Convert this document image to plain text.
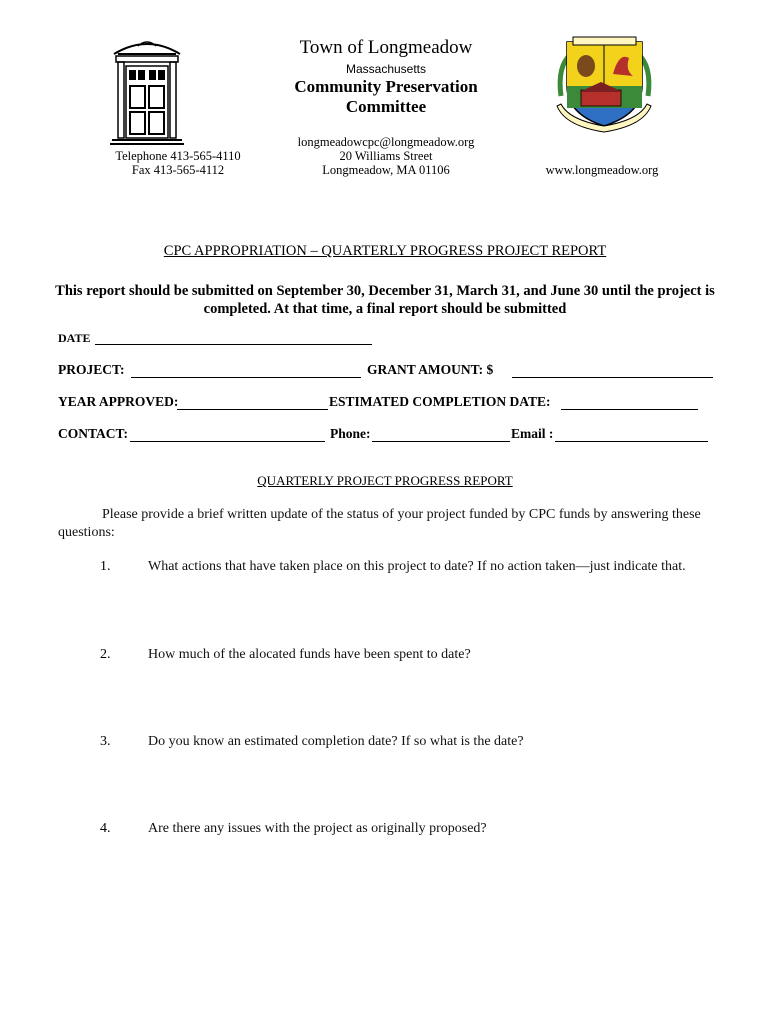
Town of Longmeadow
Massachusetts
Community Preservation
Committee
longmeadowcpc@longmeadow.org
20 Williams Street
Longmeadow, MA 01106
Telephone 413-565-4110
Fax 413-565-4112	www.longmeadow.org
CPC APPROPRIATION – QUARTERLY PROGRESS PROJECT REPORT
This report should be submitted on September 30, December 31, March 31, and June 30 until the project is completed. At that time, a final report should be submitted
DATE
PROJECT:	GRANT AMOUNT: $
YEAR APPROVED:	ESTIMATED COMPLETION DATE:
CONTACT:	Phone:	Email :
QUARTERLY PROJECT PROGRESS REPORT
Please provide a brief written update of the status of your project funded by CPC funds by answering these questions:
1.	What actions that have taken place on this project to date? If no action taken—just indicate that.
2.	How much of the alocated funds have been spent to date?
3.	Do you know an estimated completion date? If so what is the date?
4.	Are there any issues with the project as originally proposed?
